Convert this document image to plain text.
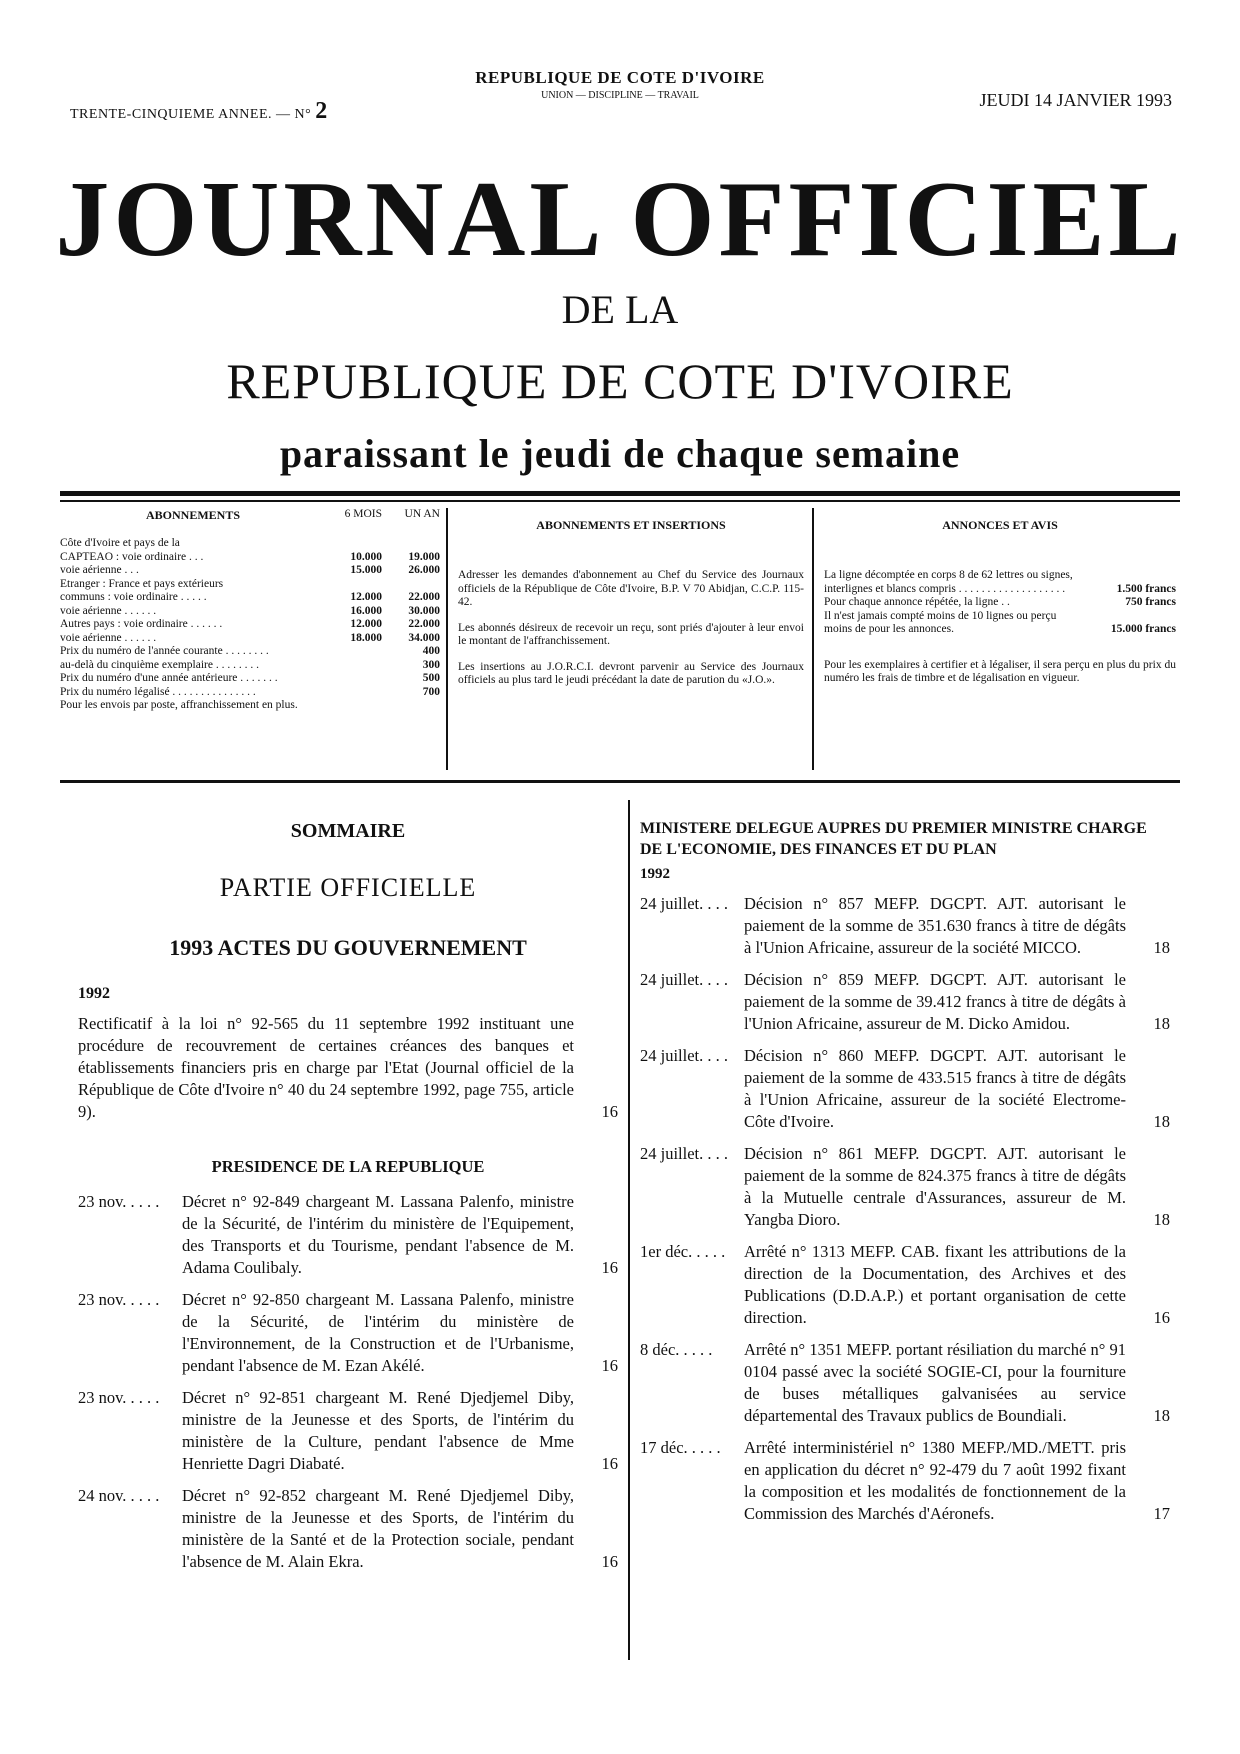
TRENTE-CINQUIEME ANNEE. — N° 2
REPUBLIQUE DE COTE D'IVOIRE
UNION — DISCIPLINE — TRAVAIL	JEUDI 14 JANVIER 1993
JOURNAL OFFICIEL
DE LA
REPUBLIQUE DE COTE D'IVOIRE
paraissant le jeudi de chaque semaine
ABONNEMENTS	6 MOIS	UN AN
Côte d'Ivoire et pays de la
CAPTEAO : voie ordinaire . . .	10.000	19.000
voie aérienne . . .	15.000	26.000
Etranger : France et pays extérieurs
communs : voie ordinaire . . . . .	12.000	22.000
voie aérienne . . . . . .	16.000	30.000
Autres pays : voie ordinaire . . . . . .	12.000	22.000
voie aérienne . . . . . .	18.000	34.000
Prix du numéro de l'année courante . . . . . . . .	400
au-delà du cinquième exemplaire . . . . . . . .	300
Prix du numéro d'une année antérieure . . . . . . .	500
Prix du numéro légalisé . . . . . . . . . . . . . . .	700
Pour les envois par poste, affranchissement en plus.
ABONNEMENTS ET INSERTIONS
Adresser les demandes d'abonnement au Chef du Service des Journaux officiels de la République de Côte d'Ivoire, B.P. V 70 Abidjan, C.C.P. 115-42.
Les abonnés désireux de recevoir un reçu, sont priés d'ajouter à leur envoi le montant de l'affranchissement.
Les insertions au J.O.R.C.I. devront parvenir au Service des Journaux officiels au plus tard le jeudi précédant la date de parution du «J.O.».
ANNONCES ET AVIS
La ligne décomptée en corps 8 de 62 lettres ou signes, interlignes et blancs compris . . . . . . . . . . . . . . . . . . .	1.500 francs
Pour chaque annonce répétée, la ligne . .	750 francs
Il n'est jamais compté moins de 10 lignes ou perçu moins de pour les annonces.	15.000 francs
Pour les exemplaires à certifier et à légaliser, il sera perçu en plus du prix du numéro les frais de timbre et de légalisation en vigueur.
SOMMAIRE
PARTIE OFFICIELLE
1993 ACTES DU GOUVERNEMENT
1992
Rectificatif à la loi n° 92-565 du 11 septembre 1992 instituant une procédure de recouvrement de certaines créances des banques et établissements financiers pris en charge par l'Etat (Journal officiel de la République de Côte d'Ivoire n° 40 du 24 septembre 1992, page 755, article 9).	16
PRESIDENCE DE LA REPUBLIQUE
23 nov. . . . .	Décret n° 92-849 chargeant M. Lassana Palenfo, ministre de la Sécurité, de l'intérim du ministère de l'Equipement, des Transports et du Tourisme, pendant l'absence de M. Adama Coulibaly.	16
23 nov. . . . .	Décret n° 92-850 chargeant M. Lassana Palenfo, ministre de la Sécurité, de l'intérim du ministère de l'Environnement, de la Construction et de l'Urbanisme, pendant l'absence de M. Ezan Akélé.	16
23 nov. . . . .	Décret n° 92-851 chargeant M. René Djedjemel Diby, ministre de la Jeunesse et des Sports, de l'intérim du ministère de la Culture, pendant l'absence de Mme Henriette Dagri Diabaté.	16
24 nov. . . . .	Décret n° 92-852 chargeant M. René Djedjemel Diby, ministre de la Jeunesse et des Sports, de l'intérim du ministère de la Santé et de la Protection sociale, pendant l'absence de M. Alain Ekra.	16
MINISTERE DELEGUE AUPRES DU PREMIER MINISTRE CHARGE DE L'ECONOMIE, DES FINANCES ET DU PLAN
1992
24 juillet. . . . Décision n° 857 MEFP. DGCPT. AJT. autorisant le paiement de la somme de 351.630 francs à titre de dégâts à l'Union Africaine, assureur de la société MICCO.	18
24 juillet. . . . Décision n° 859 MEFP. DGCPT. AJT. autorisant le paiement de la somme de 39.412 francs à titre de dégâts à l'Union Africaine, assureur de M. Dicko Amidou.	18
24 juillet. . . . Décision n° 860 MEFP. DGCPT. AJT. autorisant le paiement de la somme de 433.515 francs à titre de dégâts à l'Union Africaine, assureur de la société Electrome-Côte d'Ivoire.	18
24 juillet. . . . Décision n° 861 MEFP. DGCPT. AJT. autorisant le paiement de la somme de 824.375 francs à titre de dégâts à la Mutuelle centrale d'Assurances, assureur de M. Yangba Dioro.	18
1er déc. . . . .	Arrêté n° 1313 MEFP. CAB. fixant les attributions de la direction de la Documentation, des Archives et des Publications (D.D.A.P.) et portant organisation de cette direction.	16
8 déc. . . . .	Arrêté n° 1351 MEFP. portant résiliation du marché n° 91 0104 passé avec la société SOGIE-CI, pour la fourniture de buses métalliques galvanisées au service départemental des Travaux publics de Boundiali.	18
17 déc. . . . .	Arrêté interministériel n° 1380 MEFP./MD./METT. pris en application du décret n° 92-479 du 7 août 1992 fixant la composition et les modalités de fonctionnement de la Commission des Marchés d'Aéronefs.	17
